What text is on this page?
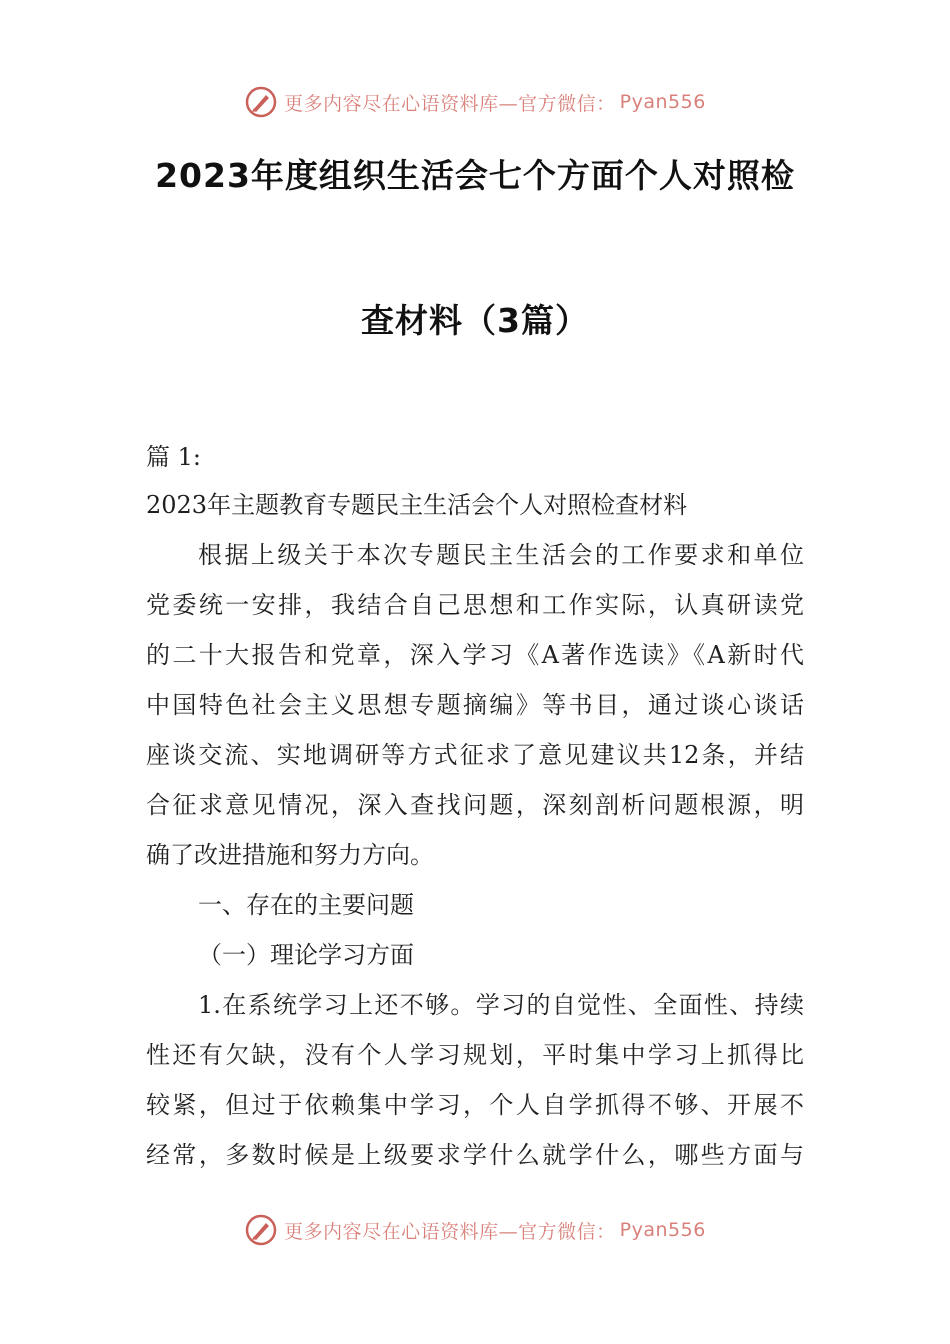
更多内容尽在心语资料库—官方微信： Pyan556
2023年度组织生活会七个方面个人对照检
查材料（3篇）
篇 1:
2023年主题教育专题民主生活会个人对照检查材料
根据上级关于本次专题民主生活会的工作要求和单位
党委统一安排，我结合自己思想和工作实际，认真研读党
的二十大报告和党章，深入学习《A著作选读》《A新时代
中国特色社会主义思想专题摘编》等书目，通过谈心谈话
座谈交流、实地调研等方式征求了意见建议共12条，并结
合征求意见情况，深入查找问题，深刻剖析问题根源，明
确了改进措施和努力方向。
一、存在的主要问题
（一）理论学习方面
1.在系统学习上还不够。学习的自觉性、全面性、持续
性还有欠缺，没有个人学习规划，平时集中学习上抓得比
较紧，但过于依赖集中学习，个人自学抓得不够、开展不
经常，多数时候是上级要求学什么就学什么，哪些方面与
更多内容尽在心语资料库—官方微信： Pyan556
